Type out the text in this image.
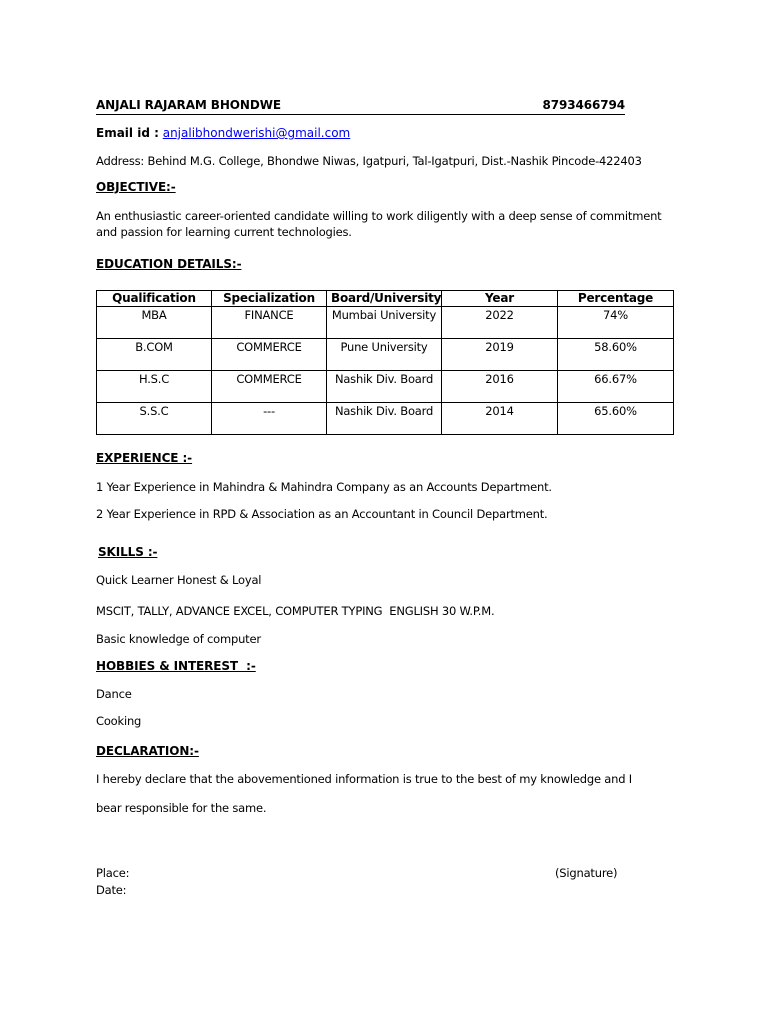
ANJALI RAJARAM BHONDWE	8793466794
Email id : anjalibhondwerishi@gmail.com
Address: Behind M.G. College, Bhondwe Niwas, Igatpuri, Tal-Igatpuri, Dist.-Nashik Pincode-422403
OBJECTIVE:-
An enthusiastic career-oriented candidate willing to work diligently with a deep sense of commitment and passion for learning current technologies.
EDUCATION DETAILS:-
Qualification	Specialization	Board/University	Year	Percentage
MBA	FINANCE	Mumbai University	2022	74%
B.COM	COMMERCE	Pune University	2019	58.60%
H.S.C	COMMERCE	Nashik Div. Board	2016	66.67%
S.S.C	---	Nashik Div. Board	2014	65.60%
EXPERIENCE :-
1 Year Experience in Mahindra & Mahindra Company as an Accounts Department.
2 Year Experience in RPD & Association as an Accountant in Council Department.
SKILLS :-
Quick Learner Honest & Loyal
MSCIT, TALLY, ADVANCE EXCEL, COMPUTER TYPING  ENGLISH 30 W.P.M.
Basic knowledge of computer
HOBBIES & INTEREST  :-
Dance
Cooking
DECLARATION:-
I hereby declare that the abovementioned information is true to the best of my knowledge and I
bear responsible for the same.
Place:
Date:
(Signature)
